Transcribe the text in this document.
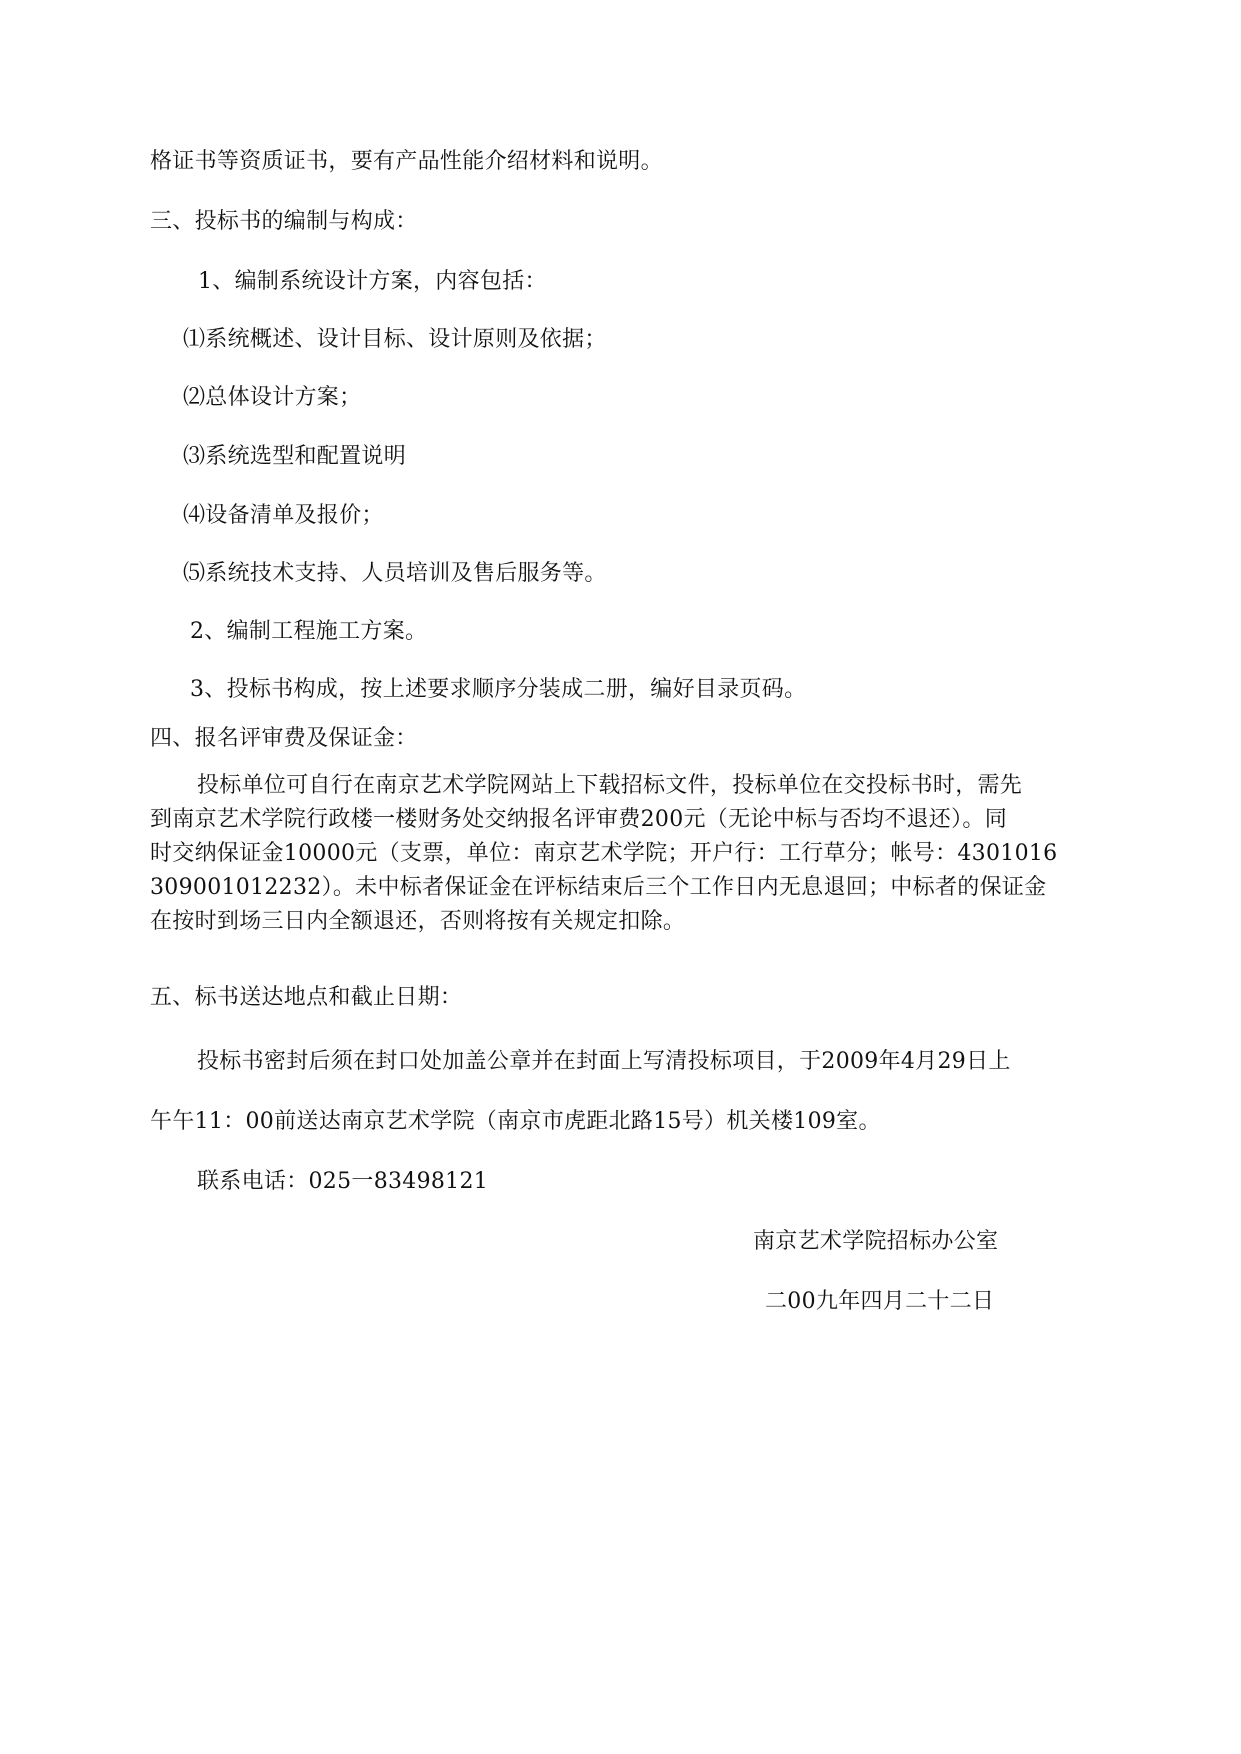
格证书等资质证书，要有产品性能介绍材料和说明。
三、投标书的编制与构成：
1、编制系统设计方案，内容包括：
⑴系统概述、设计目标、设计原则及依据；
⑵总体设计方案；
⑶系统选型和配置说明
⑷设备清单及报价；
⑸系统技术支持、人员培训及售后服务等。
2、编制工程施工方案。
3、投标书构成，按上述要求顺序分装成二册，编好目录页码。
四、报名评审费及保证金：
投标单位可自行在南京艺术学院网站上下载招标文件，投标单位在交投标书时，需先
到南京艺术学院行政楼一楼财务处交纳报名评审费200元（无论中标与否均不退还）。同
时交纳保证金10000元（支票，单位：南京艺术学院；开户行：工行草分；帐号：4301016
309001012232）。未中标者保证金在评标结束后三个工作日内无息退回；中标者的保证金
在按时到场三日内全额退还，否则将按有关规定扣除。
五、标书送达地点和截止日期：
投标书密封后须在封口处加盖公章并在封面上写清投标项目，于2009年4月29日上
午午11：00前送达南京艺术学院（南京市虎距北路15号）机关楼109室。
联系电话：025一83498121
南京艺术学院招标办公室
二00九年四月二十二日
